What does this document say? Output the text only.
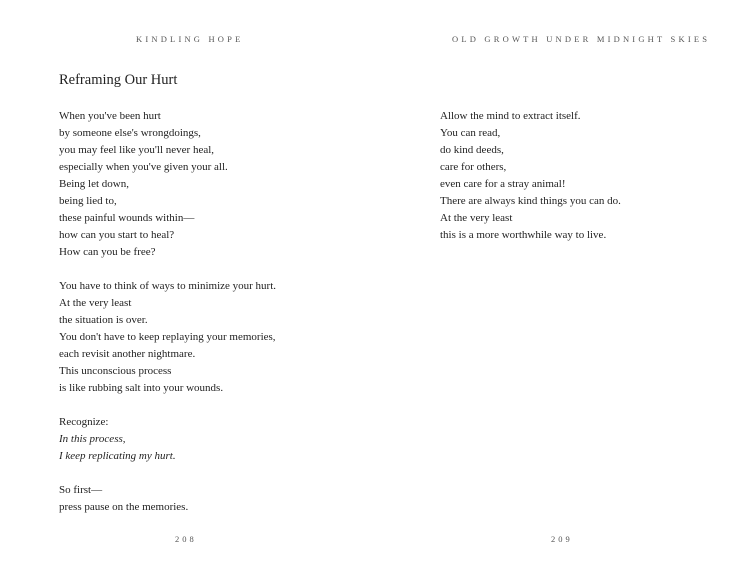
KINDLING HOPE

Reframing Our Hurt
When you've been hurt
by someone else's wrongdoings,
you may feel like you'll never heal,
especially when you've given your all.
Being let down,
being lied to,
these painful wounds within—
how can you start to heal?
How can you be free?
You have to think of ways to minimize your hurt.
At the very least
the situation is over.
You don't have to keep replaying your memories,
each revisit another nightmare.
This unconscious process
is like rubbing salt into your wounds.
Recognize:
In this process,
I keep replicating my hurt.
So first—
press pause on the memories.

208

OLD GROWTH UNDER MIDNIGHT SKIES

Allow the mind to extract itself.
You can read,
do kind deeds,
care for others,
even care for a stray animal!
There are always kind things you can do.
At the very least
this is a more worthwhile way to live.

209
